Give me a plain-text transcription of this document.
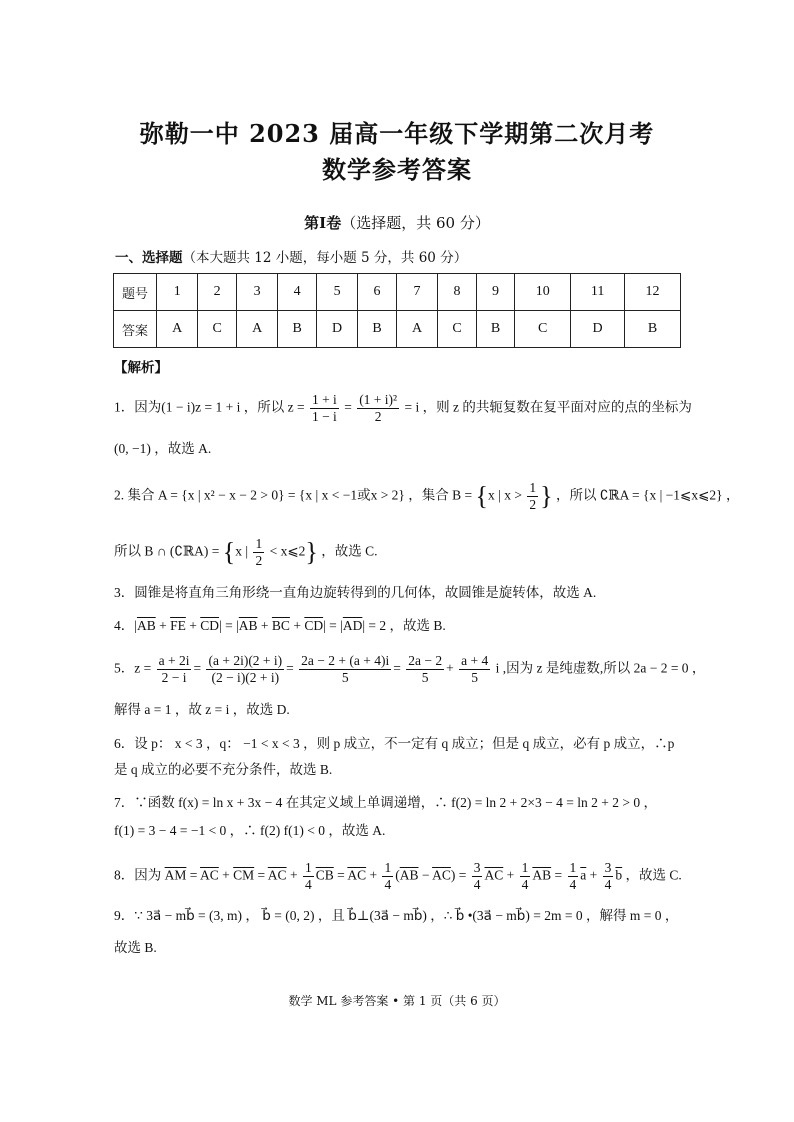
弥勒一中 2023 届高一年级下学期第二次月考
数学参考答案
第Ⅰ卷（选择题，共 60 分）
一、选择题（本大题共 12 小题，每小题 5 分，共 60 分）
题号	1	2	3	4	5	6	7	8	9	10	11	12
答案	A	C	A	B	D	B	A	C	B	C	D	B
【解析】
1．因为(1 − i)z = 1 + i ，所以 $z = \frac{1 + i}{1 - i} = \frac{\text{(1 + i)²}}{2} = i$ ，则 z 的共轭复数在复平面对应的点的坐标为
(0, −1) ，故选 A.
2. 集合 A = {x | x² − x − 2 > 0} = {x | x < −1或x > 2} ，集合 B = {x | $x > \frac{1}{2}$ } ，所以 ∁ℝA = {x | −1⩽x⩽2} ，
所以 B ∩ (∁ℝA) = {x | $\frac{1}{2}$ < x⩽2} ，故选 C.
3．圆锥是将直角三角形绕一直角边旋转得到的几何体，故圆锥是旋转体，故选 A.
4．$|\overline{AB} + \overline{FE} + \overline{CD}| = |\overline{AB} + \overline{BC} + \overline{CD}| = |\overline{AD}| = 2$ ，故选 B.
5．$z = \frac{a + 2i}{2 - i} = \frac{(a + 2i)(2 + i)}{(2 - i)(2 + i)} = \frac{2a - 2 + (a + 4)i}{5} = \frac{2a - 2}{5} + \frac{a + 4}{5}$ i ,因为 z 是纯虚数,所以 2a − 2 = 0 ，
解得 a = 1 ，故 z = i ，故选 D.
6．设 p： x < 3 ，q： −1 < x < 3 ，则 p 成立，不一定有 q 成立；但是 q 成立，必有 p 成立，∴p
是 q 成立的必要不充分条件，故选 B.
7．∵函数 f(x) = ln x + 3x − 4 在其定义域上单调递增，∴ f(2) = ln 2 + 2×3 − 4 = ln 2 + 2 > 0 ，
f(1) = 3 − 4 = −1 < 0 ，∴ f(2) f(1) < 0 ，故选 A.
8．因为 $\overline{AM} = \overline{AC} + \overline{CM} = \overline{AC} + \frac{1}{4} \overline{CB} = \overline{AC} + \frac{1}{4} (\overline{AB} - \overline{AC}) = \frac{3}{4} \overline{AC} + \frac{1}{4} \overline{AB} = \frac{1}{4} \overline{a} + \frac{3}{4} \overline{b}$ ，故选 C.
9．∵ 3a⃗ − mb⃗ = (3, m) ， b⃗ = (0, 2) ，且 b⃗⊥(3a⃗ − mb⃗) ，∴ b⃗ •(3a⃗ − mb⃗) = 2m = 0 ，解得 m = 0 ，
故选 B.
数学 ML 参考答案 • 第 1 页（共 6 页）
